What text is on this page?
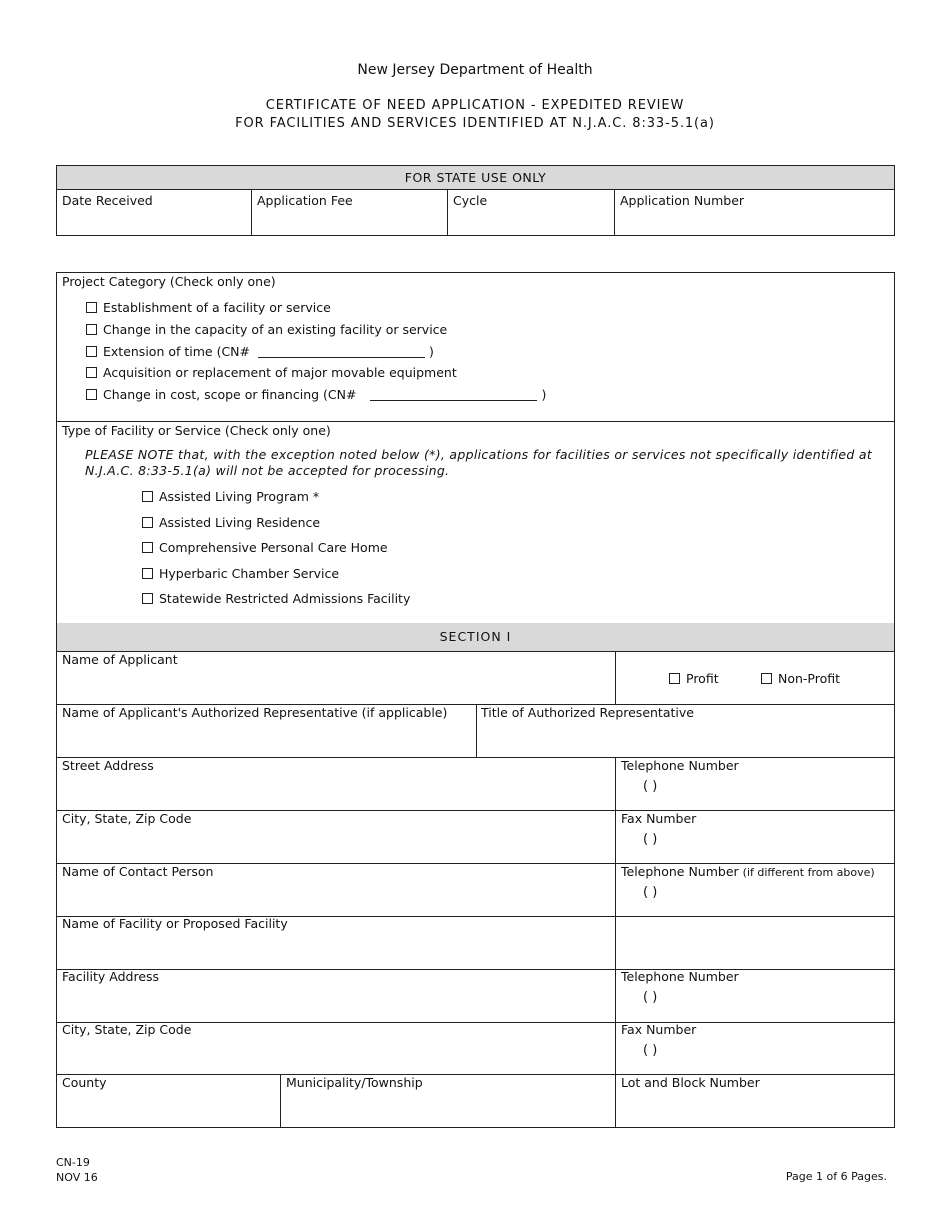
New Jersey Department of Health
CERTIFICATE OF NEED APPLICATION - EXPEDITED REVIEW
FOR FACILITIES AND SERVICES IDENTIFIED AT N.J.A.C. 8:33-5.1(a)
FOR STATE USE ONLY
Date Received	Application Fee	Cycle	Application Number
Project Category (Check only one)
Establishment of a facility or service
Change in the capacity of an existing facility or service
Extension of time (CN#	)
Acquisition or replacement of major movable equipment
Change in cost, scope or financing (CN#	)
Type of Facility or Service (Check only one)
PLEASE NOTE that, with the exception noted below (*), applications for facilities or services not specifically identified at N.J.A.C. 8:33-5.1(a) will not be accepted for processing.
Assisted Living Program *
Assisted Living Residence
Comprehensive Personal Care Home
Hyperbaric Chamber Service
Statewide Restricted Admissions Facility
SECTION I
Name of Applicant
Profit	Non-Profit
Name of Applicant's Authorized Representative (if applicable)	Title of Authorized Representative
Street Address	Telephone Number
( )
City, State, Zip Code	Fax Number
( )
Name of Contact Person	Telephone Number (if different from above)
( )
Name of Facility or Proposed Facility
Facility Address	Telephone Number
( )
City, State, Zip Code	Fax Number
( )
County	Municipality/Township	Lot and Block Number
CN-19
NOV 16	Page 1 of 6 Pages.
